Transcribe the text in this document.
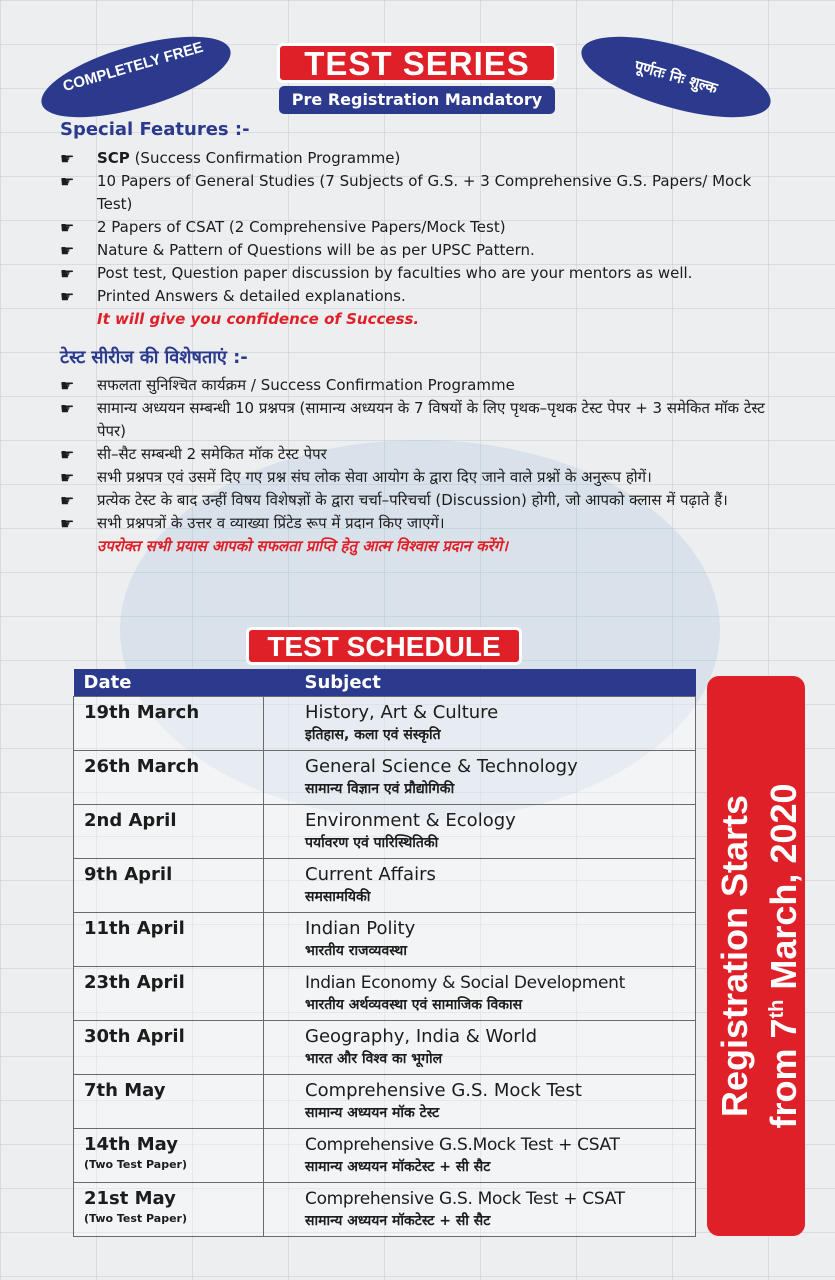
COMPLETELY FREE	पूर्णतः निः शुल्क
TEST SERIES
Pre Registration Mandatory
Special Features :-
☛ SCP (Success Confirmation Programme)
☛ 10 Papers of General Studies (7 Subjects of G.S. + 3 Comprehensive G.S. Papers/ Mock Test)
☛ 2 Papers of CSAT (2 Comprehensive Papers/Mock Test)
☛ Nature & Pattern of Questions will be as per UPSC Pattern.
☛ Post test, Question paper discussion by faculties who are your mentors as well.
☛ Printed Answers & detailed explanations.
It will give you confidence of Success.
टेस्ट सीरीज की विशेषताएं :-
☛ सफलता सुनिश्चित कार्यक्रम / Success Confirmation Programme
☛ सामान्य अध्ययन सम्बन्धी 10 प्रश्नपत्र (सामान्य अध्ययन के 7 विषयों के लिए पृथक–पृथक टेस्ट पेपर + 3 समेकित मॉक टेस्ट पेपर)
☛ सी–सैट सम्बन्धी 2 समेकित मॉक टेस्ट पेपर
☛ सभी प्रश्नपत्र एवं उसमें दिए गए प्रश्न संघ लोक सेवा आयोग के द्वारा दिए जाने वाले प्रश्नों के अनुरूप होगें।
☛ प्रत्येक टेस्ट के बाद उन्हीं विषय विशेषज्ञों के द्वारा चर्चा–परिचर्चा (Discussion) होगी, जो आपको क्लास में पढ़ाते हैं।
☛ सभी प्रश्नपत्रों के उत्तर व व्याख्या प्रिंटेड रूप में प्रदान किए जाएगें।
उपरोक्त सभी प्रयास आपको सफलता प्राप्ति हेतु आत्म विश्वास प्रदान करेंगे।
TEST SCHEDULE
Date	Subject
19th March	History, Art & Culture
इतिहास, कला एवं संस्कृति

26th March	General Science & Technology
सामान्य विज्ञान एवं प्रौद्योगिकी

2nd April	Environment & Ecology
पर्यावरण एवं पारिस्थितिकी

9th April	Current Affairs
समसामयिकी

11th April	Indian Polity
भारतीय राजव्यवस्था

23th April	Indian Economy & Social Development
भारतीय अर्थव्यवस्था एवं सामाजिक विकास

30th April	Geography, India & World
भारत और विश्व का भूगोल

7th May	Comprehensive G.S. Mock Test
सामान्य अध्ययन मॉक टेस्ट

14th May
(Two Test Paper)	Comprehensive G.S.Mock Test + CSAT
सामान्य अध्ययन मॉकटेस्ट + सी सैट

21st May
(Two Test Paper)	Comprehensive G.S. Mock Test + CSAT
सामान्य अध्ययन मॉकटेस्ट + सी सैट
Registration Starts from 7th March, 2020
